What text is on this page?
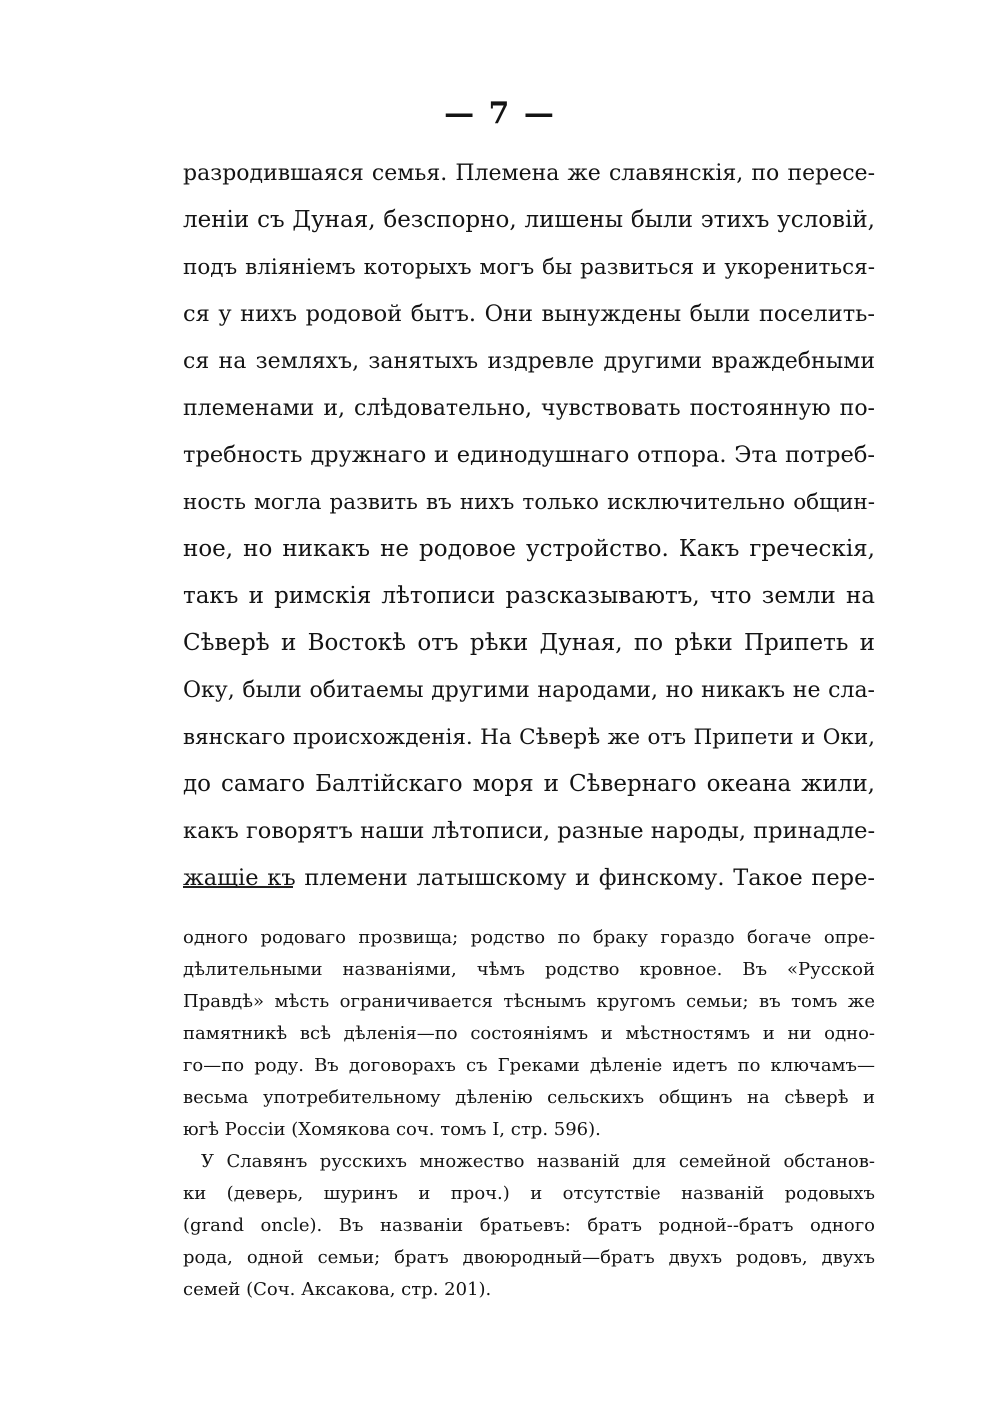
— 7 —
разродившаяся семья. Племена же славянскія, по пересе-
леніи съ Дуная, безспорно, лишены были этихъ условій,
подъ вліяніемъ которыхъ могъ бы развиться и укорениться-
ся у нихъ родовой бытъ. Они вынуждены были поселить-
ся на земляхъ, занятыхъ издревле другими враждебными
племенами и, слѣдовательно, чувствовать постоянную по-
требность дружнаго и единодушнаго отпора. Эта потреб-
ность могла развить въ нихъ только исключительно общин-
ное, но никакъ не родовое устройство. Какъ греческія,
такъ и римскія лѣтописи разсказываютъ, что земли на
Сѣверѣ и Востокѣ отъ рѣки Дуная, по рѣки Припеть и
Оку, были обитаемы другими народами, но никакъ не сла-
вянскаго происхожденія. На Сѣверѣ же отъ Припети и Оки,
до самаго Балтійскаго моря и Сѣвернаго океана жили,
какъ говорятъ наши лѣтописи, разные народы, принадле-
жащіе къ племени латышскому и финскому. Такое пере-
одного родоваго прозвища; родство по браку гораздо богаче опре-
дѣлительными названіями, чѣмъ родство кровное. Въ «Русской
Правдѣ» мѣсть ограничивается тѣснымъ кругомъ семьи; въ томъ же
памятникѣ всѣ дѣленія—по состояніямъ и мѣстностямъ и ни одно-
го—по роду. Въ договорахъ съ Греками дѣленіе идетъ по ключамъ—
весьма употребительному дѣленію сельскихъ общинъ на сѣверѣ и
югѣ Россіи (Хомякова соч. томъ I, стр. 596).
У Славянъ русскихъ множество названій для семейной обстанов-
ки (деверь, шуринъ и проч.) и отсутствіе названій родовыхъ
(grand oncle). Въ названіи братьевъ: братъ родной--братъ одного
рода, одной семьи; братъ двоюродный—братъ двухъ родовъ, двухъ
семей (Соч. Аксакова, стр. 201).
